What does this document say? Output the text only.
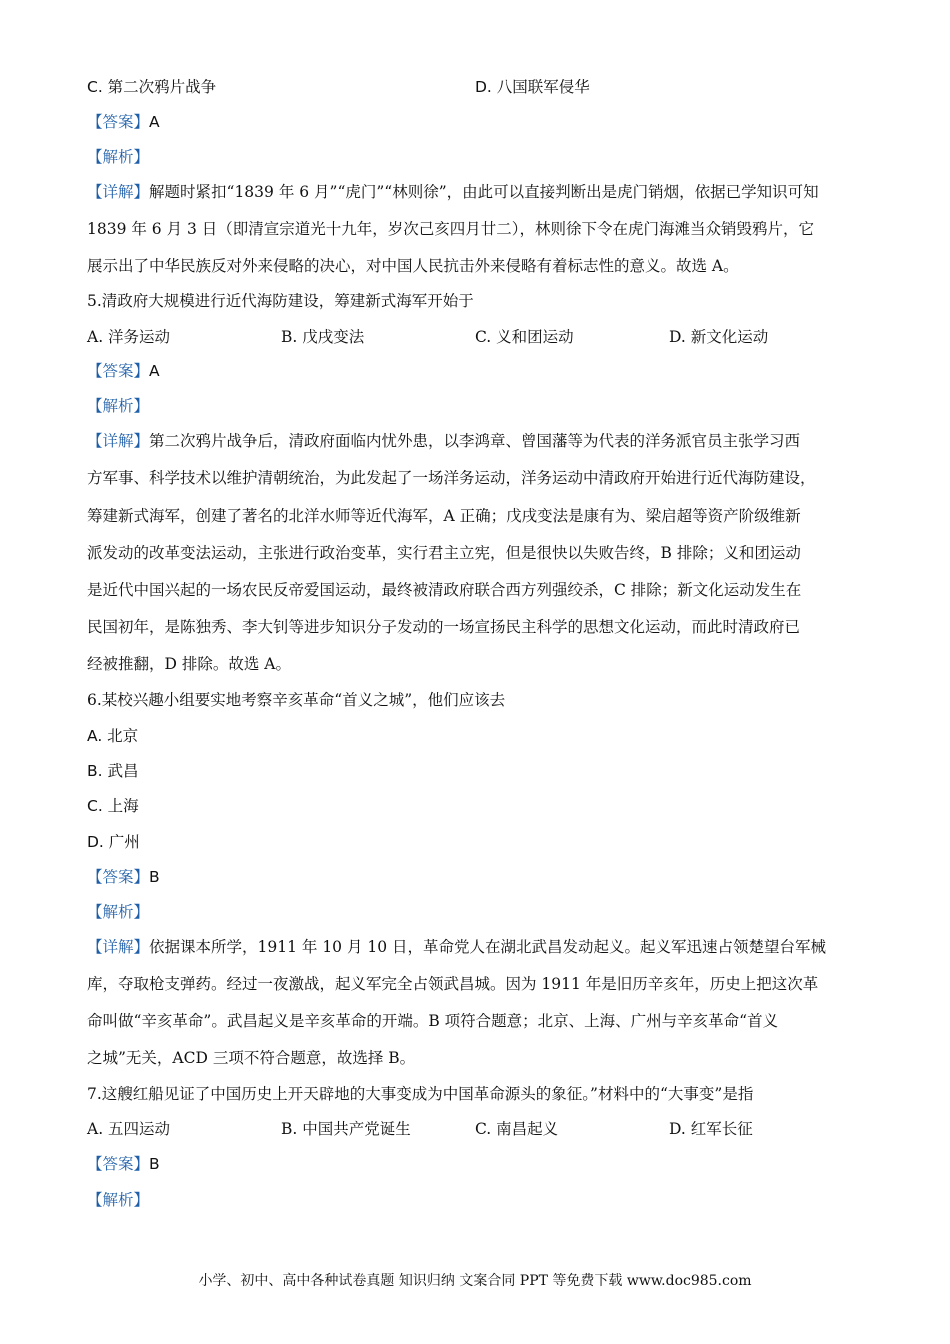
C. 第二次鸦片战争	D. 八国联军侵华
【答案】A
【解析】
【详解】解题时紧扣“1839 年 6 月”“虎门”“林则徐”，由此可以直接判断出是虎门销烟，依据已学知识可知
1839 年 6 月 3 日（即清宣宗道光十九年，岁次己亥四月廿二），林则徐下令在虎门海滩当众销毁鸦片，它
展示出了中华民族反对外来侵略的决心，对中国人民抗击外来侵略有着标志性的意义。故选 A。
5.清政府大规模进行近代海防建设，筹建新式海军开始于
A. 洋务运动	B. 戊戌变法	C. 义和团运动	D. 新文化运动
【答案】A
【解析】
【详解】第二次鸦片战争后，清政府面临内忧外患，以李鸿章、曾国藩等为代表的洋务派官员主张学习西
方军事、科学技术以维护清朝统治，为此发起了一场洋务运动，洋务运动中清政府开始进行近代海防建设，
筹建新式海军，创建了著名的北洋水师等近代海军，A 正确；戊戌变法是康有为、梁启超等资产阶级维新
派发动的改革变法运动，主张进行政治变革，实行君主立宪，但是很快以失败告终，B 排除；义和团运动
是近代中国兴起的一场农民反帝爱国运动，最终被清政府联合西方列强绞杀，C 排除；新文化运动发生在
民国初年，是陈独秀、李大钊等进步知识分子发动的一场宣扬民主科学的思想文化运动，而此时清政府已
经被推翻，D 排除。故选 A。
6.某校兴趣小组要实地考察辛亥革命“首义之城”，他们应该去
A. 北京
B. 武昌
C. 上海
D. 广州
【答案】B
【解析】
【详解】依据课本所学，1911 年 10 月 10 日，革命党人在湖北武昌发动起义。起义军迅速占领楚望台军械
库，夺取枪支弹药。经过一夜激战，起义军完全占领武昌城。因为 1911 年是旧历辛亥年，历史上把这次革
命叫做“辛亥革命”。武昌起义是辛亥革命的开端。B 项符合题意；北京、上海、广州与辛亥革命“首义
之城”无关，ACD 三项不符合题意，故选择 B。
7.这艘红船见证了中国历史上开天辟地的大事变成为中国革命源头的象征。”材料中的“大事变”是指
A. 五四运动	B. 中国共产党诞生	C. 南昌起义	D. 红军长征
【答案】B
【解析】
小学、初中、高中各种试卷真题 知识归纳 文案合同 PPT 等免费下载 www.doc985.com
